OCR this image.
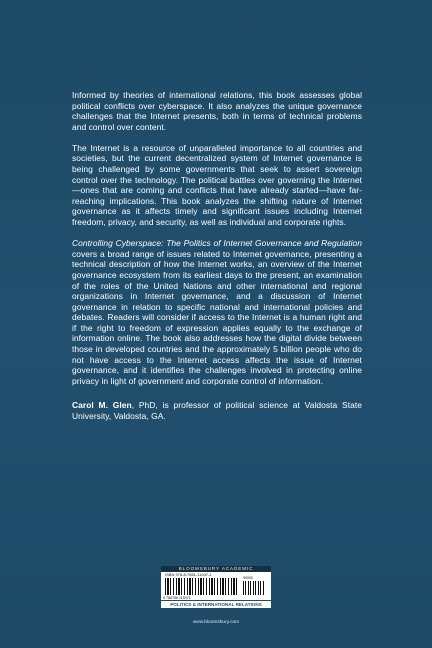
Informed by theories of international relations, this book assesses global political conflicts over cyberspace. It also analyzes the unique governance challenges that the Internet presents, both in terms of technical problems and control over content.

The Internet is a resource of unparalleled importance to all countries and societies, but the current decentralized system of Internet governance is being challenged by some governments that seek to assert sovereign control over the technology. The political battles over governing the Internet—ones that are coming and conflicts that have already started—have far-reaching implications. This book analyzes the shifting nature of Internet governance as it affects timely and significant issues including Internet freedom, privacy, and security, as well as individual and corporate rights.

Controlling Cyberspace: The Politics of Internet Governance and Regulation covers a broad range of issues related to Internet governance, presenting a technical description of how the Internet works, an overview of the Internet governance ecosystem from its earliest days to the present, an examination of the roles of the United Nations and other international and regional organizations in Internet governance, and a discussion of Internet governance in relation to specific national and international policies and debates. Readers will consider if access to the Internet is a human right and if the right to freedom of expression applies equally to the exchange of information online. The book also addresses how the digital divide between those in developed countries and the approximately 5 billion people who do not have access to the Internet access affects the issue of Internet governance, and it identifies the challenges involved in protecting online privacy in light of government and corporate control of information.

Carol M. Glen, PhD, is professor of political science at Valdosta State University, Valdosta, GA.

BLOOMSBURY ACADEMIC
ISBN 978-8-7661-11947-1
90000
9 788766 119471
POLITICS & INTERNATIONAL RELATIONS
www.bloomsbury.com
